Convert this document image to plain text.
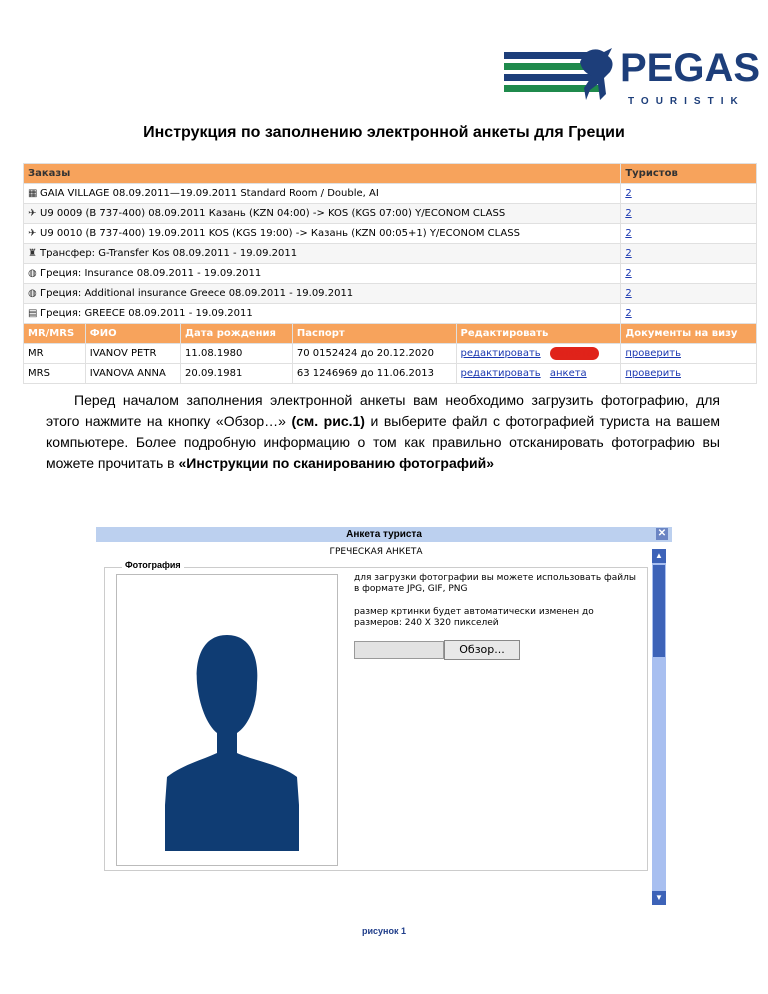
PEGAS
TOURISTIK
Инструкция по заполнению электронной анкеты для Греции
Заказы					Туристов
▦ GAIA VILLAGE 08.09.2011—19.09.2011 Standard Room / Double, AI					2
✈ U9 0009 (B 737-400) 08.09.2011 Казань (KZN 04:00) -> KOS (KGS 07:00) Y/ECONOM CLASS					2
✈ U9 0010 (B 737-400) 19.09.2011 KOS (KGS 19:00) -> Казань (KZN 00:05+1) Y/ECONOM CLASS					2
♜ Трансфер: G-Transfer Kos 08.09.2011 - 19.09.2011					2
◍ Греция: Insurance 08.09.2011 - 19.09.2011					2
◍ Греция: Additional insurance Greece 08.09.2011 - 19.09.2011					2
▤ Греция: GREECE 08.09.2011 - 19.09.2011					2
MR/MRS	ФИО	Дата рождения	Паспорт	Редактировать	Документы на визу
MR	IVANOV PETR	11.08.1980	70 0152424 до 20.12.2020	редактировать анкета	проверить
MRS	IVANOVA ANNA	20.09.1981	63 1246969 до 11.06.2013	редактировать анкета	проверить

Перед началом заполнения электронной анкеты вам необходимо загрузить фотографию, для этого нажмите на кнопку «Обзор…» (см. рис.1) и выберите файл с фотографией туриста на вашем компьютере. Более подробную информацию о том как правильно отсканировать фотографию вы можете прочитать в «Инструкции по сканированию фотографий»

Анкета туриста	✕
ГРЕЧЕСКАЯ АНКЕТА
Фотография
для загрузки фотографии вы можете использовать файлы в формате JPG, GIF, PNG
размер кртинки будет автоматически изменен до размеров: 240 X 320 пикселей
Обзор...
▲
▼
рисунок 1
